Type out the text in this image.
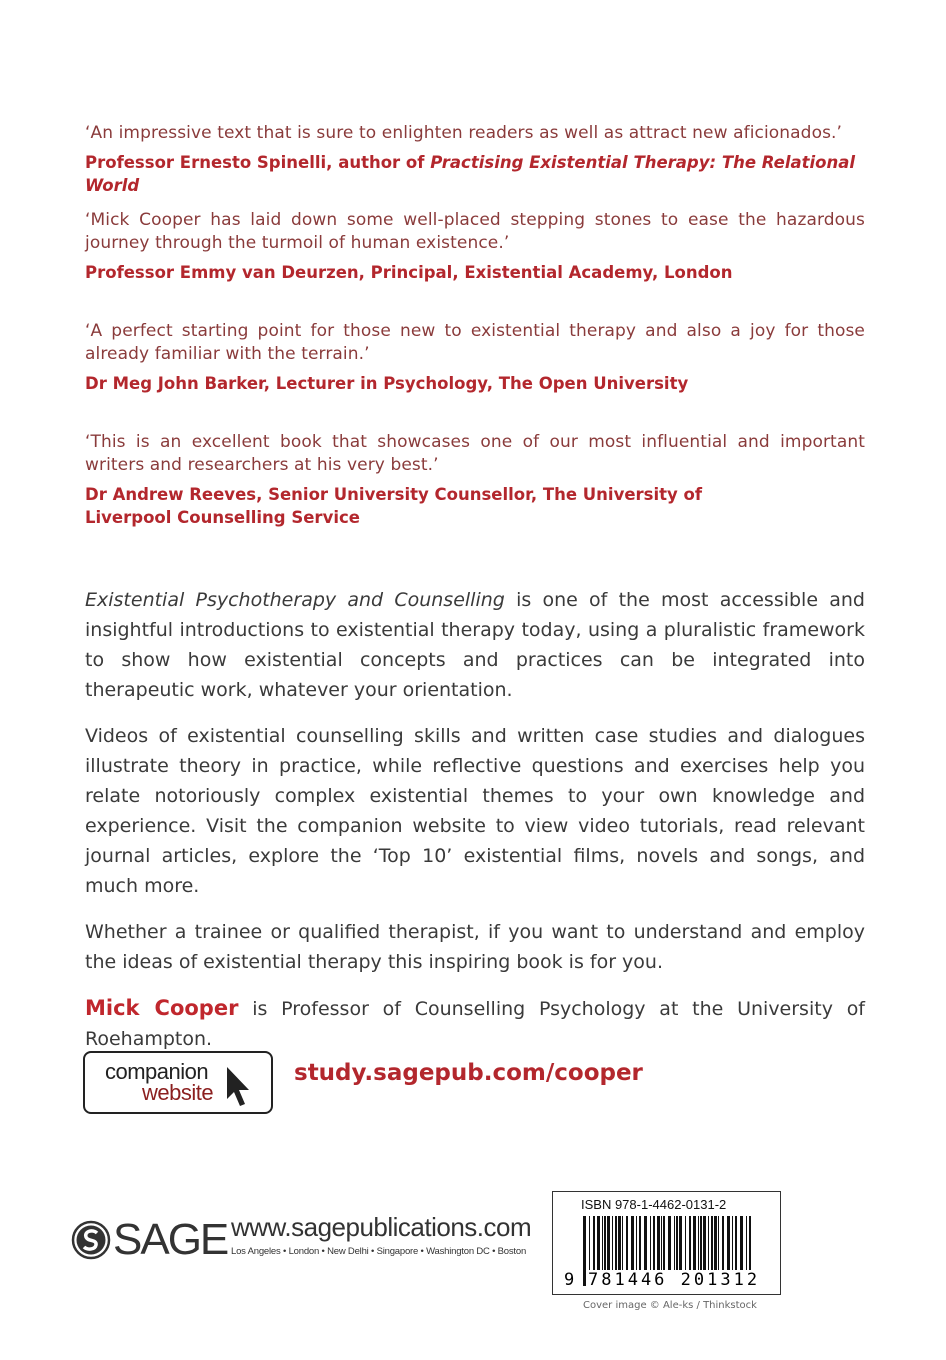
‘An impressive text that is sure to enlighten readers as well as attract new aficionados.’
Professor Ernesto Spinelli, author of Practising Existential Therapy: The Relational World
‘Mick Cooper has laid down some well-placed stepping stones to ease the hazardous journey through the turmoil of human existence.’
Professor Emmy van Deurzen, Principal, Existential Academy, London
‘A perfect starting point for those new to existential therapy and also a joy for those already familiar with the terrain.’
Dr Meg John Barker, Lecturer in Psychology, The Open University
‘This is an excellent book that showcases one of our most influential and important writers and researchers at his very best.’
Dr Andrew Reeves, Senior University Counsellor, The University of Liverpool Counselling Service

Existential Psychotherapy and Counselling is one of the most accessible and insightful introductions to existential therapy today, using a pluralistic framework to show how existential concepts and practices can be integrated into therapeutic work, whatever your orientation.

Videos of existential counselling skills and written case studies and dialogues illustrate theory in practice, while reflective questions and exercises help you relate notoriously complex existential themes to your own knowledge and experience. Visit the companion website to view video tutorials, read relevant journal articles, explore the ‘Top 10’ existential films, novels and songs, and much more.

Whether a trainee or qualified therapist, if you want to understand and employ the ideas of existential therapy this inspiring book is for you.

Mick Cooper is Professor of Counselling Psychology at the University of Roehampton.

companion
website
study.sagepub.com/cooper
SAGE www.sagepublications.com
Los Angeles • London • New Delhi • Singapore • Washington DC • Boston
ISBN 978-1-4462-0131-2
9 781446 201312
Cover image © Ale-ks / Thinkstock
